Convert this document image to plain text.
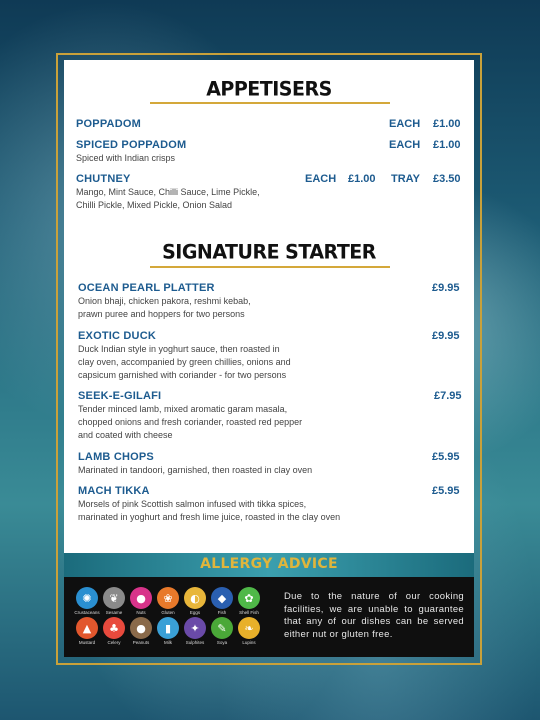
APPETISERS
POPPADOM	EACH £1.00
SPICED POPPADOM
Spiced with Indian crisps
EACH £1.00
CHUTNEY
Mango, Mint Sauce, Chilli Sauce, Lime Pickle,
Chilli Pickle, Mixed Pickle, Onion Salad
EACH £1.00 TRAY £3.50
SIGNATURE STARTER
OCEAN PEARL PLATTER
Onion bhaji, chicken pakora, reshmi kebab,
prawn puree and hoppers for two persons
£9.95
EXOTIC DUCK
Duck Indian style in yoghurt sauce, then roasted in
clay oven, accompanied by green chillies, onions and
capsicum garnished with coriander - for two persons
£9.95
SEEK-E-GILAFI
Tender minced lamb, mixed aromatic garam masala,
chopped onions and fresh coriander, roasted red pepper
and coated with cheese
£7.95
LAMB CHOPS
Marinated in tandoori, garnished, then roasted in clay oven
£5.95
MACH TIKKA
Morsels of pink Scottish salmon infused with tikka spices,
marinated in yoghurt and fresh lime juice, roasted in the clay oven
£5.95
ALLERGY ADVICE
✺
Crustaceans
❦
Sesame
●
Nuts
❀
Gluten
◐
Eggs
◆
Fish
✿
Shell Fish
▲
Mustard
♣
Celery
●
Peanuts
▮
Milk
✦
Sulphites
✎
Soya
❧
Lupins
Due to the nature of our cooking facilities, we are unable to guarantee that any of our dishes can be served either nut or gluten free.
